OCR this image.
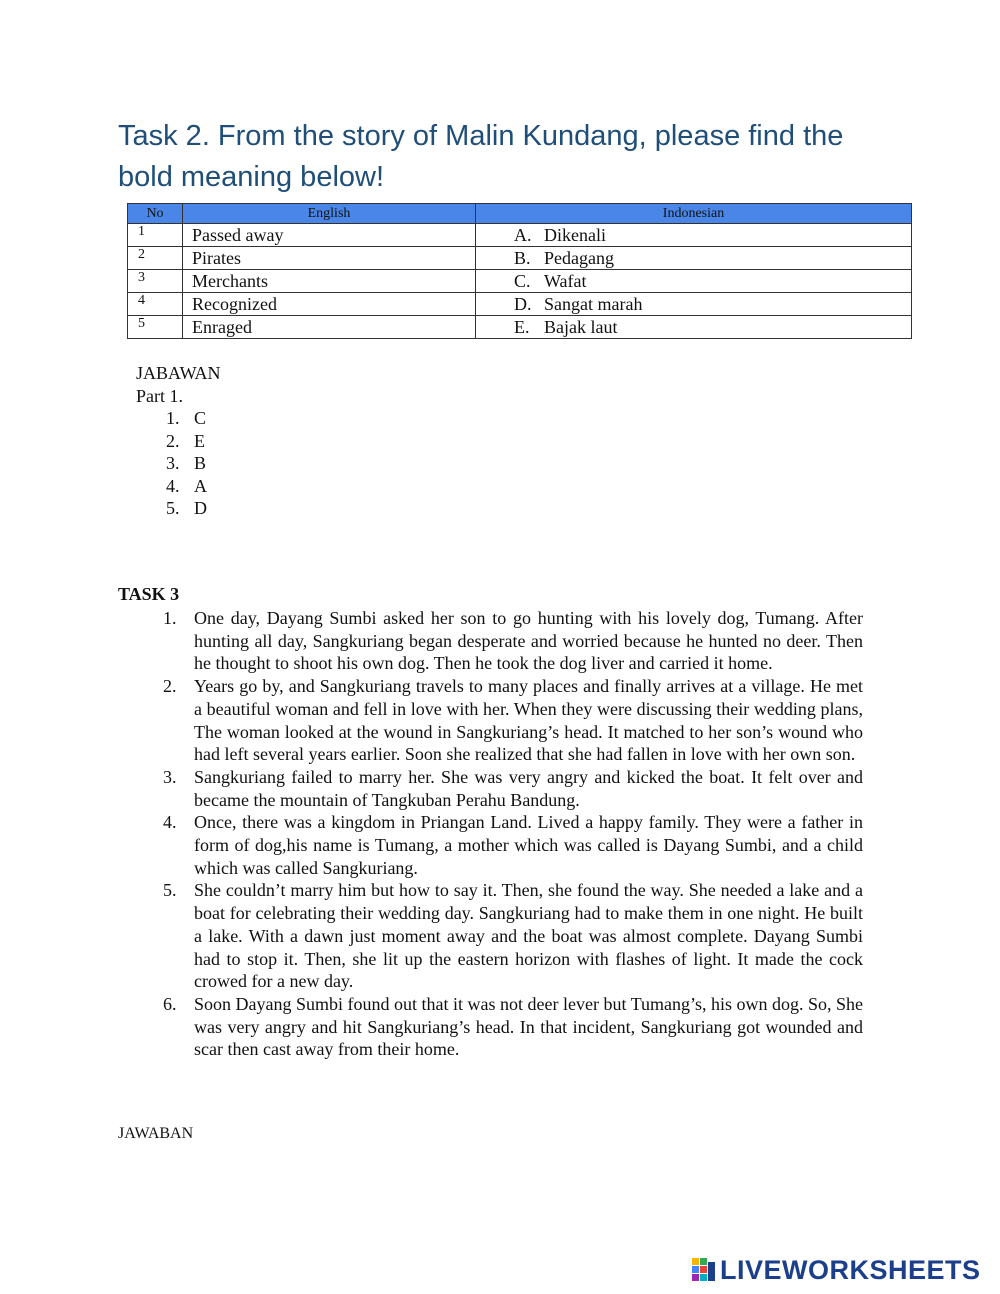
Task 2. From the story of Malin Kundang, please find the bold meaning below!
No	English	Indonesian
1	Passed away	A. Dikenali
2	Pirates	B. Pedagang
3	Merchants	C. Wafat
4	Recognized	D. Sangat marah
5	Enraged	E. Bajak laut
JABAWAN
Part 1.
1. C
2. E
3. B
4. A
5. D
TASK 3
1. One day, Dayang Sumbi asked her son to go hunting with his lovely dog, Tumang. After hunting all day, Sangkuriang began desperate and worried because he hunted no deer. Then he thought to shoot his own dog. Then he took the dog liver and carried it home.
2. Years go by, and Sangkuriang travels to many places and finally arrives at a village. He met a beautiful woman and fell in love with her. When they were discussing their wedding plans, The woman looked at the wound in Sangkuriang’s head. It matched to her son’s wound who had left several years earlier. Soon she realized that she had fallen in love with her own son.
3. Sangkuriang failed to marry her. She was very angry and kicked the boat. It felt over and became the mountain of Tangkuban Perahu Bandung.
4. Once, there was a kingdom in Priangan Land. Lived a happy family. They were a father in form of dog,his name is Tumang, a mother which was called is Dayang Sumbi, and a child which was called Sangkuriang.
5. She couldn’t marry him but how to say it. Then, she found the way. She needed a lake and a boat for celebrating their wedding day. Sangkuriang had to make them in one night. He built a lake. With a dawn just moment away and the boat was almost complete. Dayang Sumbi had to stop it. Then, she lit up the eastern horizon with flashes of light. It made the cock crowed for a new day.
6. Soon Dayang Sumbi found out that it was not deer lever but Tumang’s, his own dog. So, She was very angry and hit Sangkuriang’s head. In that incident, Sangkuriang got wounded and scar then cast away from their home.
JAWABAN
LIVEWORKSHEETS
